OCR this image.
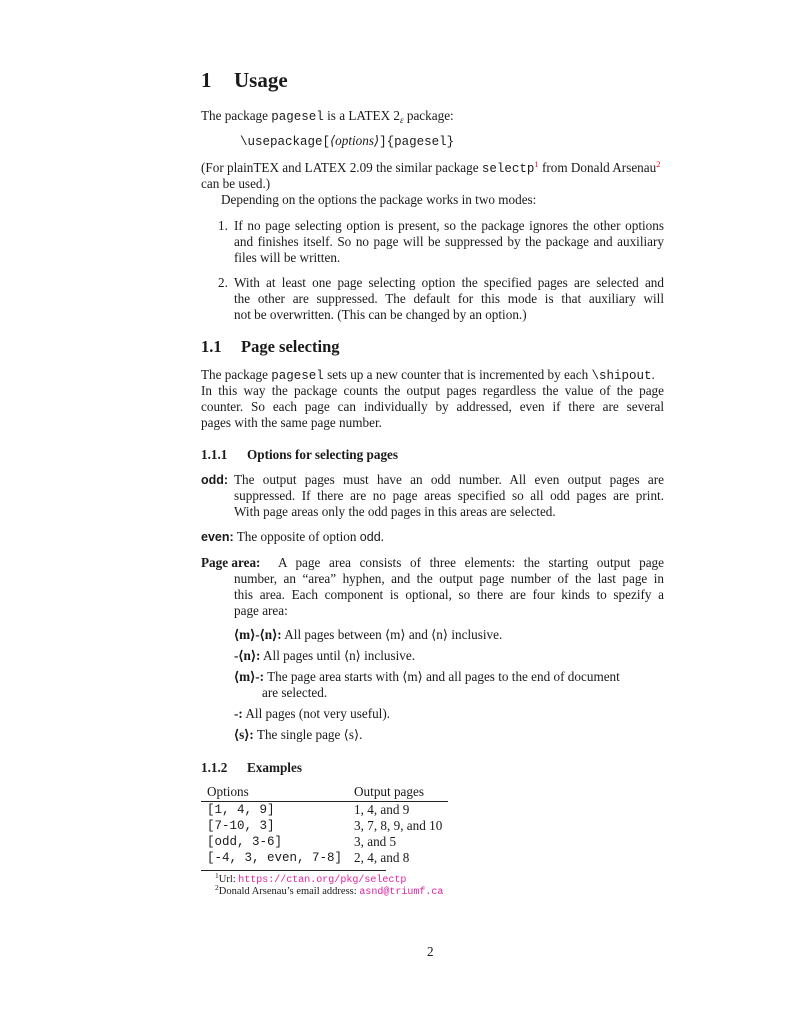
1 Usage
The package pagesel is a LATEX $2_\varepsilon$ package:
\usepackage[⟨options⟩]{pagesel}
(For plainTEX and LATEX 2.09 the similar package selectp$^1$ from Donald Arsenau$^2$
can be used.)
Depending on the options the package works in two modes:
1. If no page selecting option is present, so the package ignores the other options
and finishes itself. So no page will be suppressed by the package and auxiliary
files will be written.
2. With at least one page selecting option the specified pages are selected and
the other are suppressed. The default for this mode is that auxiliary will
not be overwritten. (This can be changed by an option.)
1.1 Page selecting
The package pagesel sets up a new counter that is incremented by each \shipout.
In this way the package counts the output pages regardless the value of the page
counter. So each page can individually by addressed, even if there are several
pages with the same page number.
1.1.1 Options for selecting pages
odd: The output pages must have an odd number. All even output pages are
suppressed. If there are no page areas specified so all odd pages are print.
With page areas only the odd pages in this areas are selected.
even: The opposite of option odd.
Page area: A page area consists of three elements: the starting output page
number, an “area” hyphen, and the output page number of the last page in
this area. Each component is optional, so there are four kinds to spezify a
page area:
⟨m⟩-⟨n⟩: All pages between ⟨m⟩ and ⟨n⟩ inclusive.
-⟨n⟩: All pages until ⟨n⟩ inclusive.
⟨m⟩-: The page area starts with ⟨m⟩ and all pages to the end of document
are selected.
-: All pages (not very useful).
⟨s⟩: The single page ⟨s⟩.
1.1.2 Examples
Options	Output pages
[1, 4, 9]	1, 4, and 9
[7-10, 3]	3, 7, 8, 9, and 10
[odd, 3-6]	3, and 5
[-4, 3, even, 7-8]	2, 4, and 8
$^1$Url: https://ctan.org/pkg/selectp
$^2$Donald Arsenau’s email address: asnd@triumf.ca
2
